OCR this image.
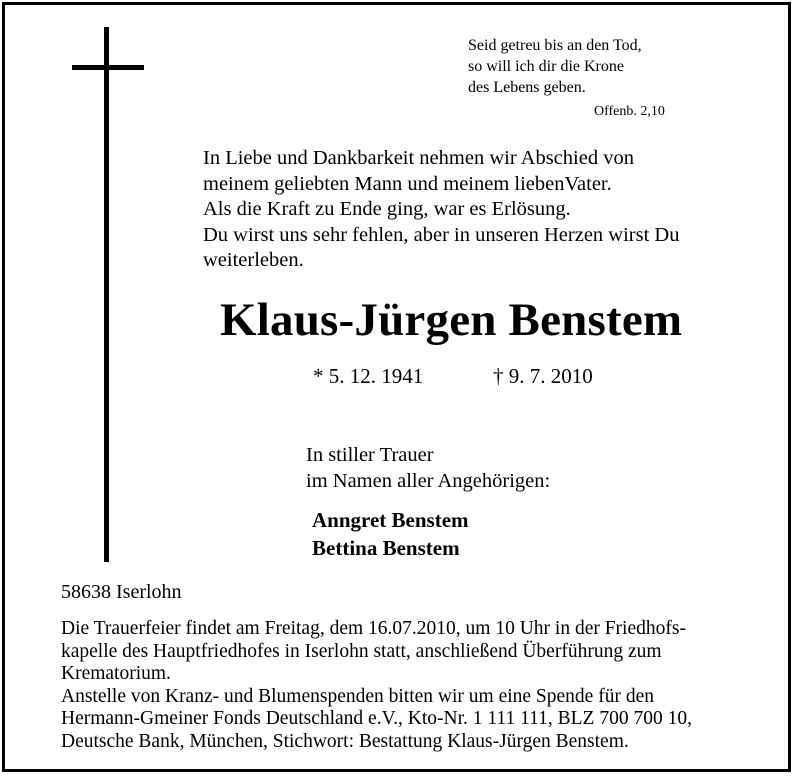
Seid getreu bis an den Tod,
so will ich dir die Krone
des Lebens geben.
Offenb. 2,10
In Liebe und Dankbarkeit nehmen wir Abschied von
meinem geliebten Mann und meinem liebenVater.
Als die Kraft zu Ende ging, war es Erlösung.
Du wirst uns sehr fehlen, aber in unseren Herzen wirst Du
weiterleben.
Klaus-Jürgen Benstem
* 5. 12. 1941	† 9. 7. 2010
In stiller Trauer
im Namen aller Angehörigen:
Anngret Benstem
Bettina Benstem
58638 Iserlohn
Die Trauerfeier findet am Freitag, dem 16.07.2010, um 10 Uhr in der Friedhofs-
kapelle des Hauptfriedhofes in Iserlohn statt, anschließend Überführung zum
Krematorium.
Anstelle von Kranz- und Blumenspenden bitten wir um eine Spende für den
Hermann-Gmeiner Fonds Deutschland e.V., Kto-Nr. 1 111 111, BLZ 700 700 10,
Deutsche Bank, München, Stichwort: Bestattung Klaus-Jürgen Benstem.
